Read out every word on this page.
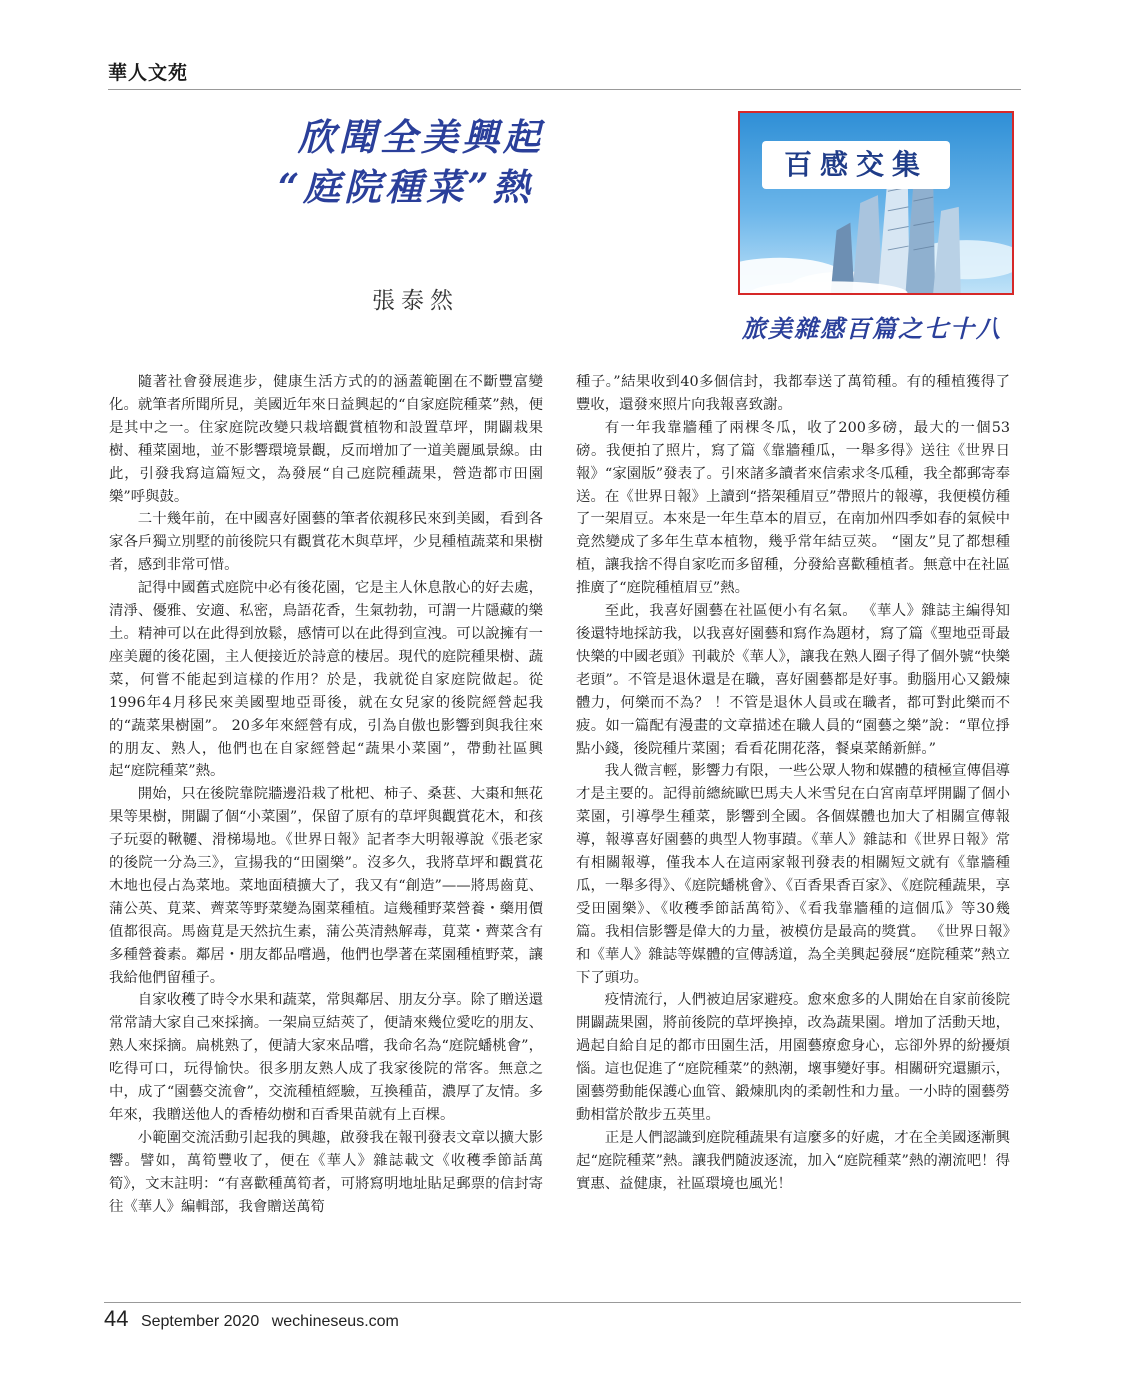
華人文苑
欣聞全美興起
“庭院種菜”熱
張泰然
百感交集
旅美雜感百篇之七十八

隨著社會發展進步，健康生活方式的的涵蓋範圍在不斷豐富變化。就筆者所聞所見，美國近年來日益興起的“自家庭院種菜”熱，便是其中之一。住家庭院改變只栽培觀賞植物和設置草坪，開闢栽果樹、種菜園地，並不影響環境景觀，反而增加了一道美麗風景線。由此，引發我寫這篇短文，為發展“自己庭院種蔬果，營造都市田園樂”呼與鼓。

二十幾年前，在中國喜好園藝的筆者依親移民來到美國，看到各家各戶獨立別墅的前後院只有觀賞花木與草坪，少見種植蔬菜和果樹者，感到非常可惜。

記得中國舊式庭院中必有後花園，它是主人休息散心的好去處，清淨、優雅、安適、私密，鳥語花香，生氣勃勃，可謂一片隱藏的樂土。精神可以在此得到放鬆，感情可以在此得到宣洩。可以說擁有一座美麗的後花園，主人便接近於詩意的棲居。現代的庭院種果樹、蔬菜，何嘗不能起到這樣的作用？於是，我就從自家庭院做起。從1996年4月移民來美國聖地亞哥後，就在女兒家的後院經營起我的“蔬菜果樹園”。 20多年來經營有成，引為自傲也影響到與我往來的朋友、熟人，他們也在自家經營起“蔬果小菜園”，帶動社區興起“庭院種菜”熱。

開始，只在後院靠院牆邊沿栽了枇杷、柿子、桑葚、大棗和無花果等果樹，開闢了個“小菜園”，保留了原有的草坪與觀賞花木，和孩子玩耍的鞦韆、滑梯場地。《世界日報》記者李大明報導說《張老家的後院一分為三》，宣揚我的“田園樂”。沒多久，我將草坪和觀賞花木地也侵占為菜地。菜地面積擴大了，我又有“創造”——將馬齒莧、蒲公英、莧菜、薺菜等野菜變為園菜種植。這幾種野菜營養・藥用價值都很高。馬齒莧是天然抗生素，蒲公英清熱解毒，莧菜・薺菜含有多種營養素。鄰居・朋友都品嚐過，他們也學著在菜園種植野菜，讓我給他們留種子。

自家收穫了時令水果和蔬菜，常與鄰居、朋友分享。除了贈送還常常請大家自己來採摘。一架扁豆結莢了，便請來幾位愛吃的朋友、熟人來採摘。扁桃熟了，便請大家來品嚐，我命名為“庭院蟠桃會”，吃得可口，玩得愉快。很多朋友熟人成了我家後院的常客。無意之中，成了“園藝交流會”，交流種植經驗，互換種苗，濃厚了友情。多年來，我贈送他人的香椿幼樹和百香果苗就有上百棵。

小範圍交流活動引起我的興趣，啟發我在報刊發表文章以擴大影響。譬如，萬筍豐收了，便在《華人》雜誌載文《收穫季節話萬筍》，文末註明：“有喜歡種萬筍者，可將寫明地址貼足郵票的信封寄往《華人》編輯部，我會贈送萬筍

種子。”結果收到40多個信封，我都奉送了萬筍種。有的種植獲得了豐收，還發來照片向我報喜致謝。

有一年我靠牆種了兩棵冬瓜，收了200多磅，最大的一個53磅。我便拍了照片，寫了篇《靠牆種瓜，一舉多得》送往《世界日報》“家園版”發表了。引來諸多讀者來信索求冬瓜種，我全都郵寄奉送。在《世界日報》上讀到“搭架種眉豆”帶照片的報導，我便模仿種了一架眉豆。本來是一年生草本的眉豆，在南加州四季如春的氣候中竟然變成了多年生草本植物，幾乎常年結豆莢。 “園友”見了都想種植，讓我捨不得自家吃而多留種，分發給喜歡種植者。無意中在社區推廣了“庭院種植眉豆”熱。

至此，我喜好園藝在社區便小有名氣。 《華人》雜誌主編得知後還特地採訪我，以我喜好園藝和寫作為題材，寫了篇《聖地亞哥最快樂的中國老頭》刊載於《華人》，讓我在熟人圈子得了個外號“快樂老頭”。不管是退休還是在職，喜好園藝都是好事。動腦用心又鍛煉體力，何樂而不為？ ！不管是退休人員或在職者，都可對此樂而不疲。如一篇配有漫畫的文章描述在職人員的“園藝之樂”說：“單位掙點小錢，後院種片菜園；看看花開花落，餐桌菜餚新鮮。”

我人微言輕，影響力有限，一些公眾人物和媒體的積極宣傳倡導才是主要的。記得前總統歐巴馬夫人米雪兒在白宮南草坪開闢了個小菜園，引導學生種菜，影響到全國。各個媒體也加大了相關宣傳報導，報導喜好園藝的典型人物事蹟。《華人》雜誌和《世界日報》常有相關報導，僅我本人在這兩家報刊發表的相關短文就有《靠牆種瓜，一舉多得》、《庭院蟠桃會》、《百香果香百家》、《庭院種蔬果，享受田園樂》、《收穫季節話萬筍》、《看我靠牆種的這個瓜》等30幾篇。我相信影響是偉大的力量，被模仿是最高的獎賞。 《世界日報》和《華人》雜誌等媒體的宣傳誘道，為全美興起發展“庭院種菜”熱立下了頭功。

疫情流行，人們被迫居家避疫。愈來愈多的人開始在自家前後院開闢蔬果園，將前後院的草坪換掉，改為蔬果園。增加了活動天地，過起自給自足的都市田園生活，用園藝療愈身心，忘卻外界的紛擾煩惱。這也促進了“庭院種菜”的熱潮，壞事變好事。相關研究還顯示，園藝勞動能保護心血管、鍛煉肌肉的柔韌性和力量。一小時的園藝勞動相當於散步五英里。

正是人們認識到庭院種蔬果有這麼多的好處，才在全美國逐漸興起“庭院種菜”熱。讓我們隨波逐流，加入“庭院種菜”熱的潮流吧！得實惠、益健康，社區環境也風光！

44 September 2020 wechineseus.com
